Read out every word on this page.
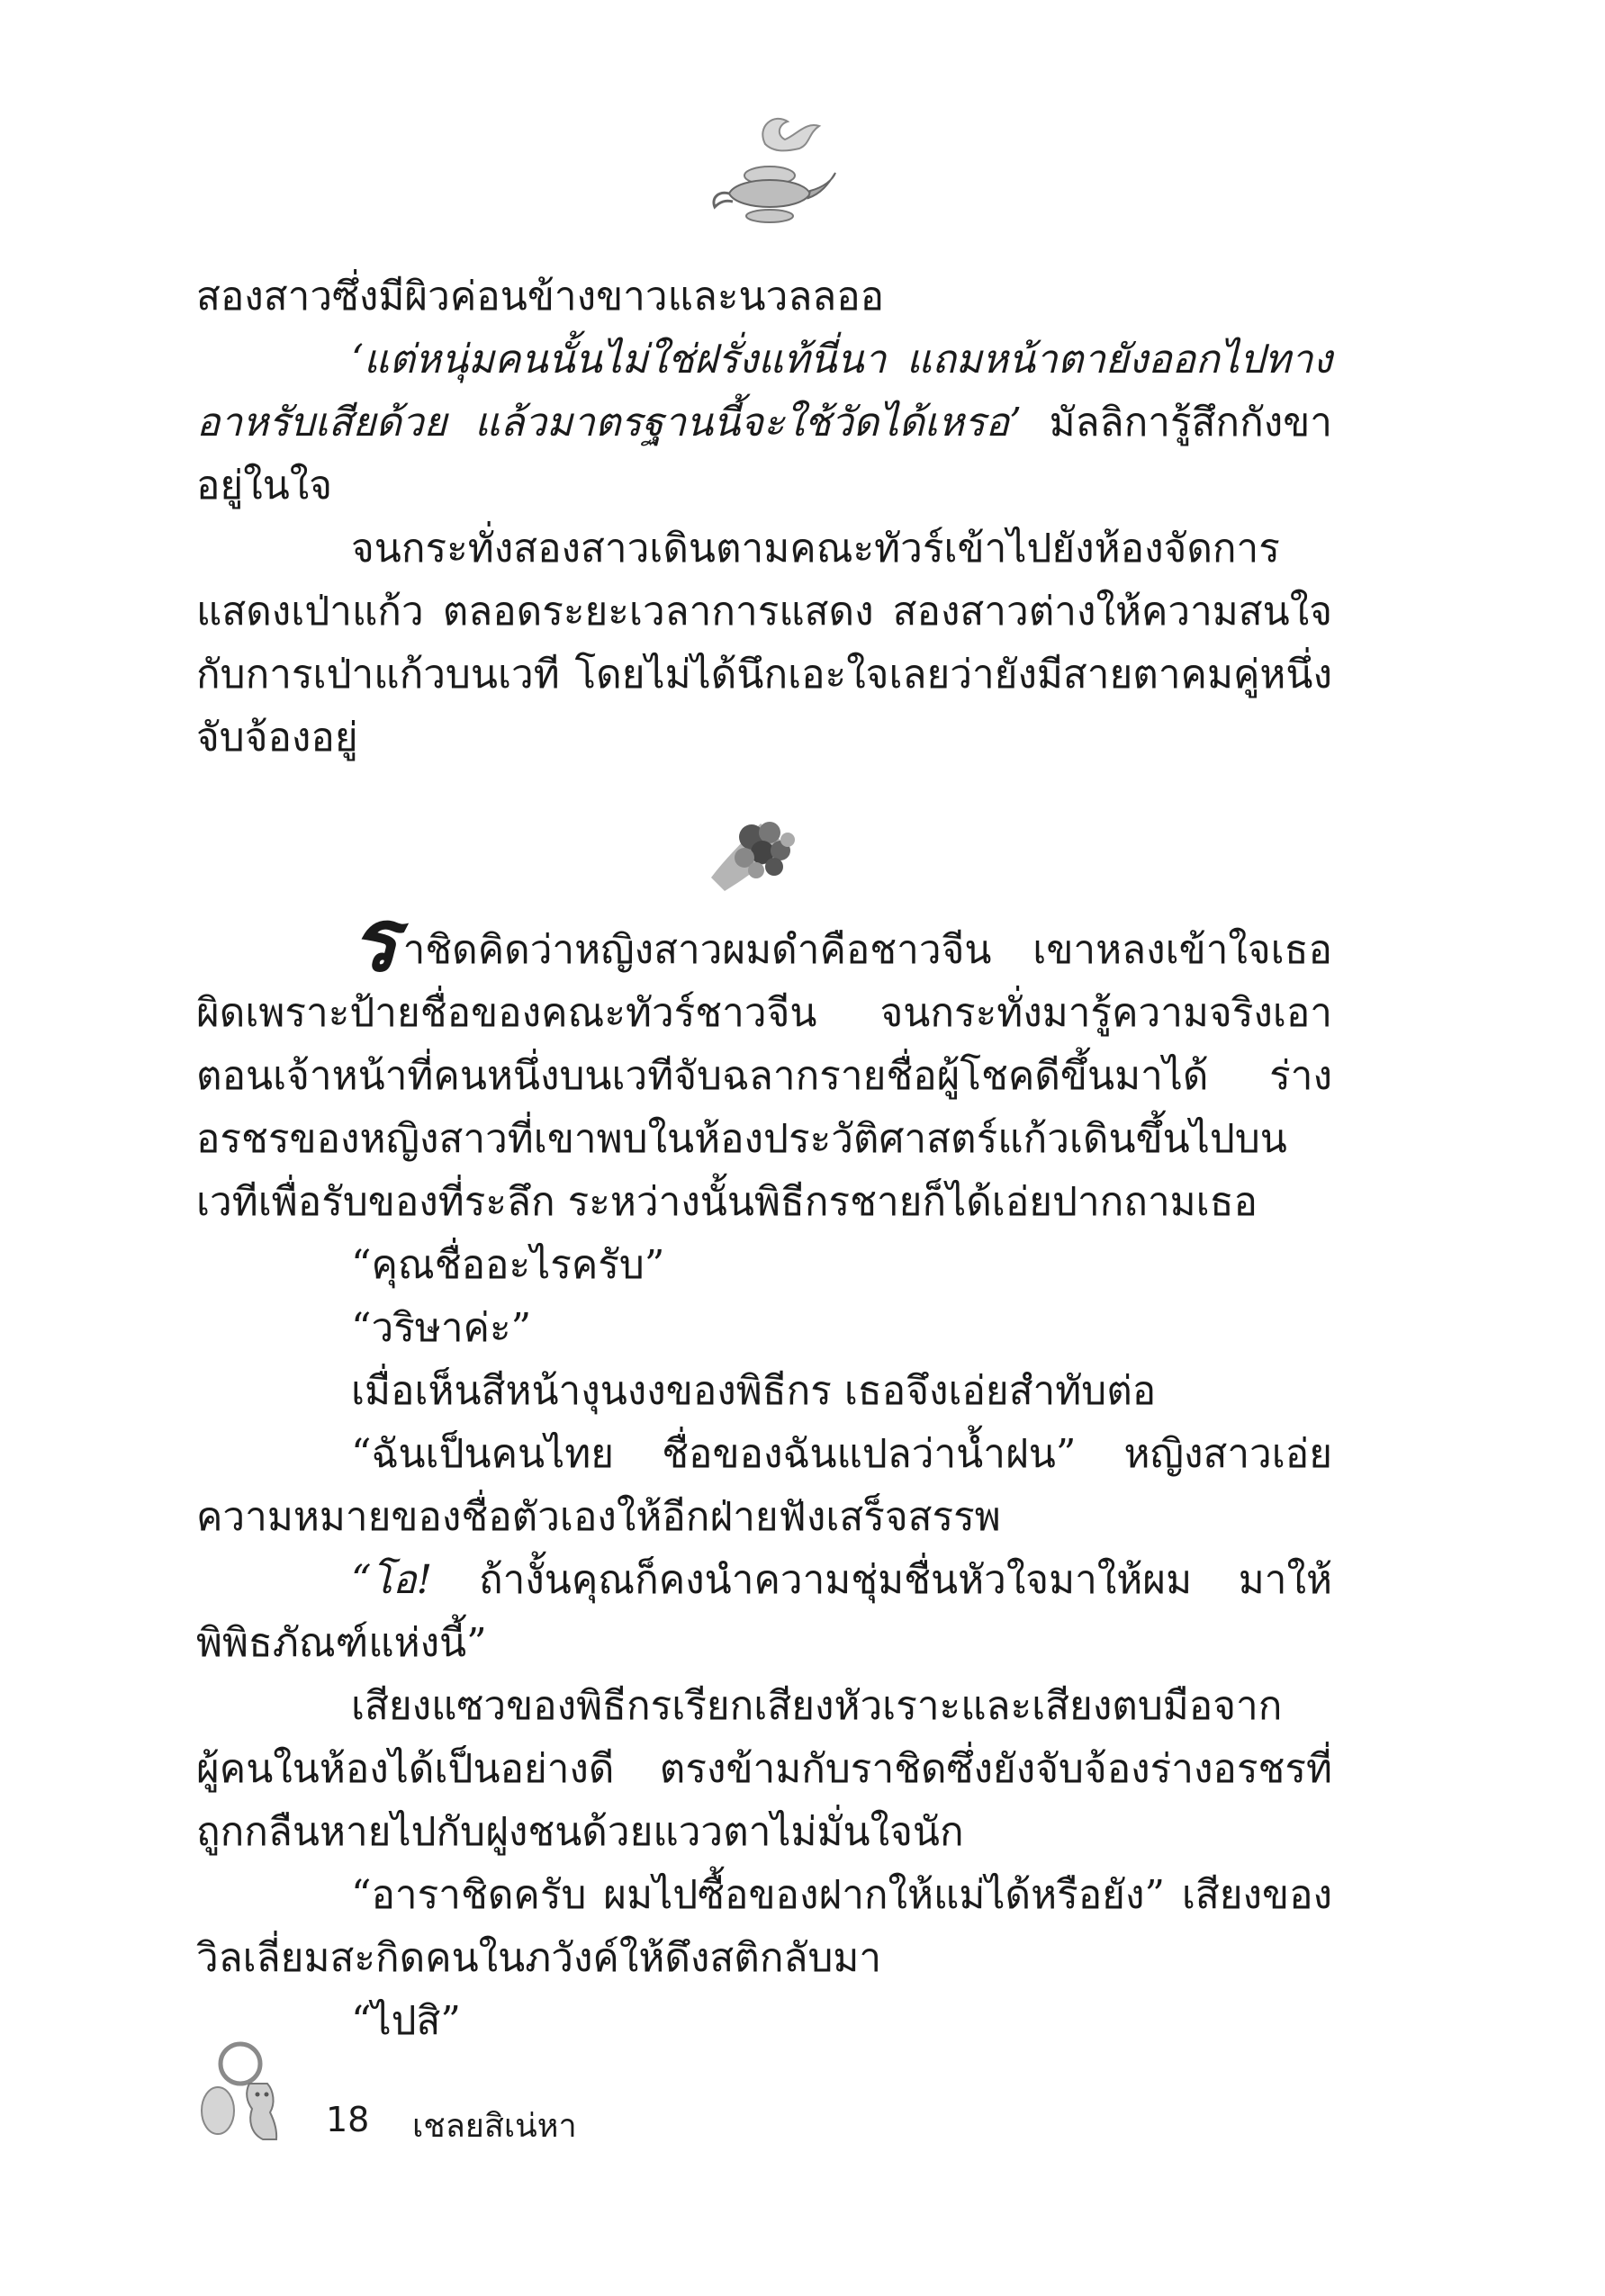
สองสาวซึ่งมีผิวค่อนข้างขาวและนวลลออ

‘แต่หนุ่มคนนั้นไม่ใช่ฝรั่งแท้นี่นา แถมหน้าตายังออกไปทางอาหรับเสียด้วย แล้วมาตรฐานนี้จะใช้วัดได้เหรอ’ มัลลิการู้สึกกังขาอยู่ในใจ

จนกระทั่งสองสาวเดินตามคณะทัวร์เข้าไปยังห้องจัดการแสดงเป่าแก้ว ตลอดระยะเวลาการแสดง สองสาวต่างให้ความสนใจกับการเป่าแก้วบนเวที โดยไม่ได้นึกเอะใจเลยว่ายังมีสายตาคมคู่หนึ่งจับจ้องอยู่

ราชิดคิดว่าหญิงสาวผมดำคือชาวจีน เขาหลงเข้าใจเธอผิดเพราะป้ายชื่อของคณะทัวร์ชาวจีน จนกระทั่งมารู้ความจริงเอาตอนเจ้าหน้าที่คนหนึ่งบนเวทีจับฉลากรายชื่อผู้โชคดีขึ้นมาได้ ร่างอรชรของหญิงสาวที่เขาพบในห้องประวัติศาสตร์แก้วเดินขึ้นไปบนเวทีเพื่อรับของที่ระลึก ระหว่างนั้นพิธีกรชายก็ได้เอ่ยปากถามเธอ

“คุณชื่ออะไรครับ”

“วริษาค่ะ”

เมื่อเห็นสีหน้างุนงงของพิธีกร เธอจึงเอ่ยสำทับต่อ

“ฉันเป็นคนไทย ชื่อของฉันแปลว่าน้ำฝน” หญิงสาวเอ่ยความหมายของชื่อตัวเองให้อีกฝ่ายฟังเสร็จสรรพ

“โอ! ถ้างั้นคุณก็คงนำความชุ่มชื่นหัวใจมาให้ผม มาให้พิพิธภัณฑ์แห่งนี้”

เสียงแซวของพิธีกรเรียกเสียงหัวเราะและเสียงตบมือจากผู้คนในห้องได้เป็นอย่างดี ตรงข้ามกับราชิดซึ่งยังจับจ้องร่างอรชรที่ถูกกลืนหายไปกับฝูงชนด้วยแววตาไม่มั่นใจนัก

“อาราชิดครับ ผมไปซื้อของฝากให้แม่ได้หรือยัง” เสียงของวิลเลี่ยมสะกิดคนในภวังค์ให้ดึงสติกลับมา

“ไปสิ”

18 เชลยสิเน่หา
